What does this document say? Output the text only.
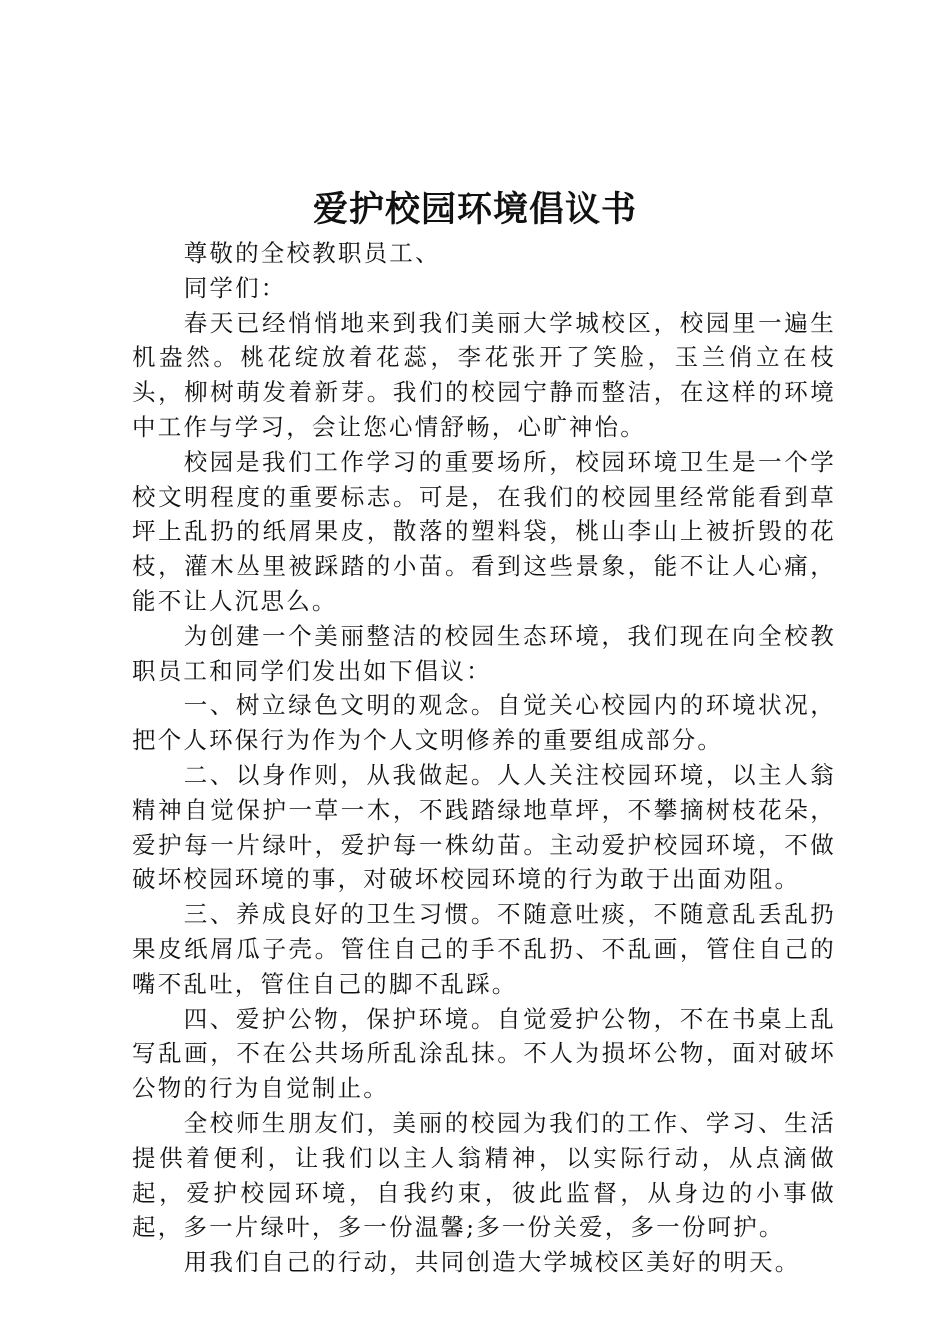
爱护校园环境倡议书

尊敬的全校教职员工、

同学们：

春天已经悄悄地来到我们美丽大学城校区，校园里一遍生机盎然。桃花绽放着花蕊，李花张开了笑脸，玉兰俏立在枝头，柳树萌发着新芽。我们的校园宁静而整洁，在这样的环境中工作与学习，会让您心情舒畅，心旷神怡。

校园是我们工作学习的重要场所，校园环境卫生是一个学校文明程度的重要标志。可是，在我们的校园里经常能看到草坪上乱扔的纸屑果皮，散落的塑料袋，桃山李山上被折毁的花枝，灌木丛里被踩踏的小苗。看到这些景象，能不让人心痛，能不让人沉思么。

为创建一个美丽整洁的校园生态环境，我们现在向全校教职员工和同学们发出如下倡议：

一、树立绿色文明的观念。自觉关心校园内的环境状况，把个人环保行为作为个人文明修养的重要组成部分。

二、以身作则，从我做起。人人关注校园环境，以主人翁精神自觉保护一草一木，不践踏绿地草坪，不攀摘树枝花朵，爱护每一片绿叶，爱护每一株幼苗。主动爱护校园环境，不做破坏校园环境的事，对破坏校园环境的行为敢于出面劝阻。

三、养成良好的卫生习惯。不随意吐痰，不随意乱丢乱扔果皮纸屑瓜子壳。管住自己的手不乱扔、不乱画，管住自己的嘴不乱吐，管住自己的脚不乱踩。

四、爱护公物，保护环境。自觉爱护公物，不在书桌上乱写乱画，不在公共场所乱涂乱抹。不人为损坏公物，面对破坏公物的行为自觉制止。

全校师生朋友们，美丽的校园为我们的工作、学习、生活提供着便利，让我们以主人翁精神，以实际行动，从点滴做起，爱护校园环境，自我约束，彼此监督，从身边的小事做起，多一片绿叶，多一份温馨;多一份关爱，多一份呵护。

用我们自己的行动，共同创造大学城校区美好的明天。
